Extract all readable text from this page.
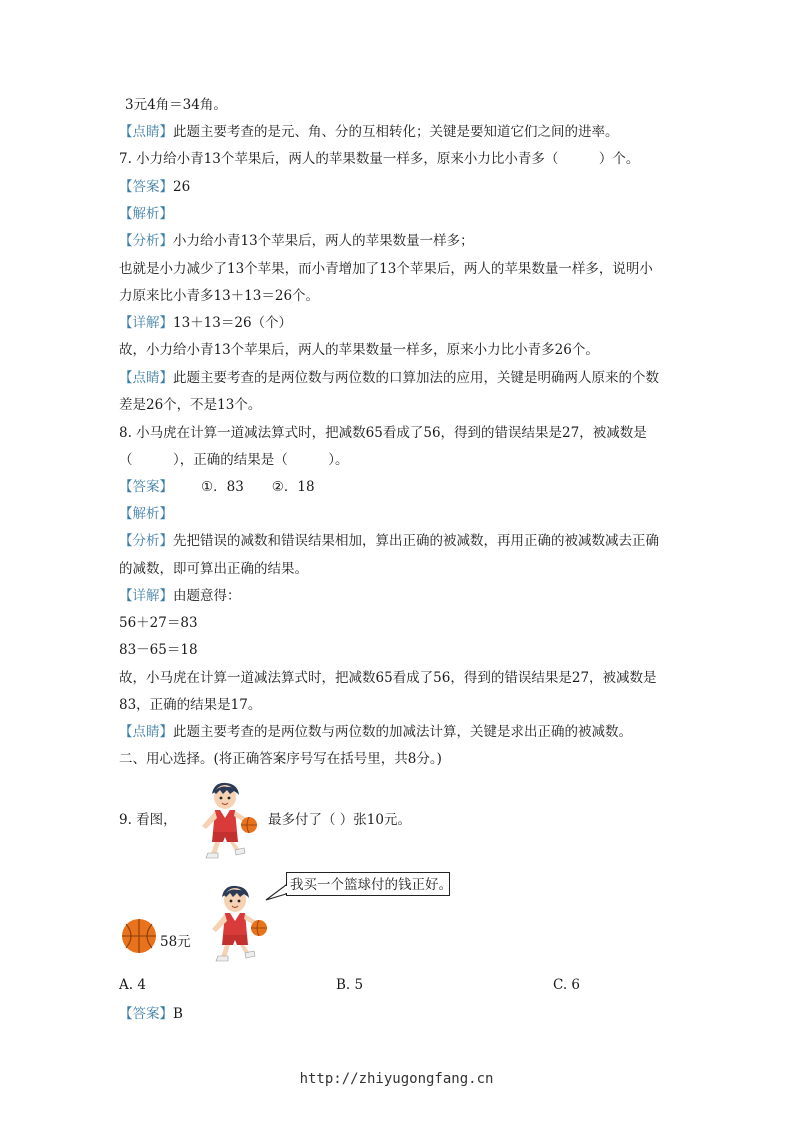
3元4角＝34角。
【点睛】此题主要考查的是元、角、分的互相转化；关键是要知道它们之间的进率。
7. 小力给小青13个苹果后，两人的苹果数量一样多，原来小力比小青多（　　　）个。
【答案】26
【解析】
【分析】小力给小青13个苹果后，两人的苹果数量一样多；
也就是小力减少了13个苹果，而小青增加了13个苹果后，两人的苹果数量一样多，说明小
力原来比小青多13＋13＝26个。
【详解】13＋13＝26（个）
故，小力给小青13个苹果后，两人的苹果数量一样多，原来小力比小青多26个。
【点睛】此题主要考查的是两位数与两位数的口算加法的应用，关键是明确两人原来的个数
差是26个，不是13个。
8. 小马虎在计算一道减法算式时，把减数65看成了56，得到的错误结果是27，被减数是
（　　　），正确的结果是（　　　）。
【答案】 ①．83 ②．18
【解析】
【分析】先把错误的减数和错误结果相加，算出正确的被减数，再用正确的被减数减去正确
的减数，即可算出正确的结果。
【详解】由题意得：
56＋27＝83
83－65＝18
故，小马虎在计算一道减法算式时，把减数65看成了56，得到的错误结果是27，被减数是
83，正确的结果是17。
【点睛】此题主要考查的是两位数与两位数的加减法计算，关键是求出正确的被减数。
二、用心选择。(将正确答案序号写在括号里，共8分。)
9. 看图，	最多付了（ ）张10元。
我买一个篮球付的钱正好。
58元
A. 4	B. 5	C. 6
【答案】B
http://zhiyugongfang.cn
